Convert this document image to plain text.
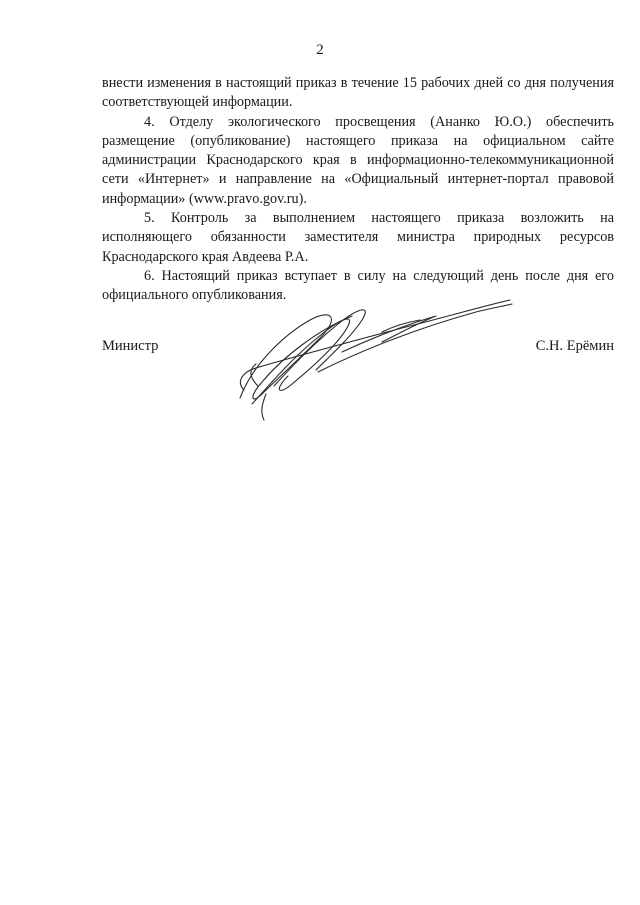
2

внести изменения в настоящий приказ в течение 15 рабочих дней со дня получения соответствующей информации.

4. Отделу экологического просвещения (Ананко Ю.О.) обеспечить размещение (опубликование) настоящего приказа на официальном сайте администрации Краснодарского края в информационно-телекоммуникационной сети «Интернет» и направление на «Официальный интернет-портал правовой информации» (www.pravo.gov.ru).

5. Контроль за выполнением настоящего приказа возложить на исполняющего обязанности заместителя министра природных ресурсов Краснодарского края Авдеева Р.А.

6. Настоящий приказ вступает в силу на следующий день после дня его официального опубликования.

Министр	С.Н. Ерёмин
